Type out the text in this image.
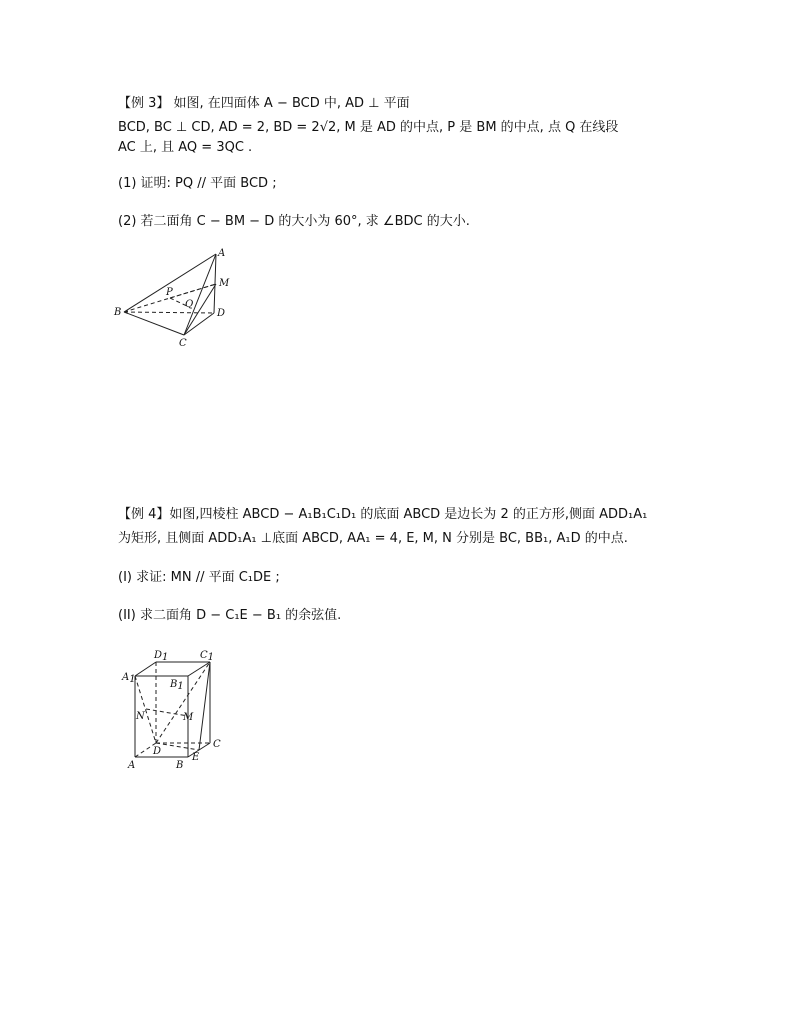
【例 3】 如图, 在四面体 A − BCD 中, AD ⊥ 平面
BCD, BC ⊥ CD, AD = 2, BD = 2√2, M 是 AD 的中点, P 是 BM 的中点, 点 Q 在线段
AC 上, 且 AQ = 3QC .
(1) 证明: PQ // 平面 BCD ;
(2) 若二面角 C − BM − D 的大小为 60°, 求 ∠BDC 的大小.
A
B
C
D
M
P
Q
【例 4】如图,四棱柱 ABCD − A₁B₁C₁D₁ 的底面 ABCD 是边长为 2 的正方形,侧面 ADD₁A₁
为矩形, 且侧面 ADD₁A₁ ⊥底面 ABCD, AA₁ = 4, E, M, N 分别是 BC, BB₁, A₁D 的中点.
(I) 求证: MN // 平面 C₁DE ;
(II) 求二面角 D − C₁E − B₁ 的余弦值.
A1
D1	C1
B1
N	M
D
C
E
A	B
